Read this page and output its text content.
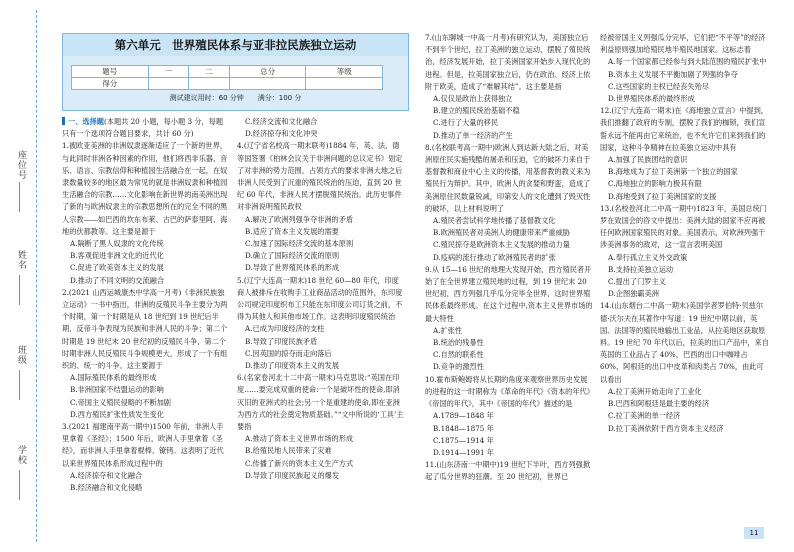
座位号
姓名
班级
学校
第六单元　世界殖民体系与亚非拉民族独立运动
题号	一	二	总分	等级
得分				
测试建议用时：60 分钟　　满分：100 分

一、选择题(本题共 20 小题，每小题 3 分，每题只有一个选项符合题目要求，共计 60 分)

1.被欧亚美洲的非洲奴隶逐渐适应了一个新的世界，与此同时非洲各种因素的作用，他们将西非乐器、音乐、语言、宗教信仰和种植园生活融合在一起，在奴隶数量较多的地区最为常见的就是非洲奴隶和种植园生活融合的宗教……文化影响在新世界的南美洲出现了新的与欧洲奴隶主的宗教思想所在的完全不同的黑人宗教——如巴西的坎东布莱、古巴的萨泰里阿、海地的伏都教等。这主要是源于

A.隔断了黑人奴隶的文化传统

B.客观促进非洲文化的近代化

C.促进了欧美资本主义的发展

D.推动了不同文明的交流融合

2.(2021 山西运城康杰中学高一月考)《非洲民族独立运动》一书中指出，非洲的反殖民斗争主要分为两个时期，第一个时期是从 18 世纪到 19 世纪后半期，反帝斗争表现为民族和非洲人民的斗争；第二个时期是 19 世纪末 20 世纪初的反殖民斗争，第二个时期非洲人民反殖民斗争规模更大，形成了一个有组织的、统一的斗争。这主要源于

A.国际殖民体系的最终形成

B.非洲国家不结盟运动的影响

C.帝国主义殖民侵略的不断加剧

D.西方殖民扩张性质发生变化

3.(2021 福建南平高一期中)1500 年前，非洲人手里拿着《圣经》；1500 年后，欧洲人手里拿着《圣经》，而非洲人手里拿着棍棒、镣铐。这表明了近代以来世界殖民体系形成过程中的

A.经济掠夺和文化融合

B.经济融合和文化侵略

C.经济交流和文化融合

D.经济掠夺和文化冲突

4.(辽宁省名校高一期末联考)1884 年，英、法、德等国签署《柏林会议关于非洲问题的总议定书》划定了对非洲的势力范围，占领方式的要求非洲大地之后非洲人民受到了沉重的殖民统治的压迫，直到 20 世纪 60 年代，非洲人民才摆脱殖民统治。此历史事件对非洲说明殖民政权

A.解决了欧洲列强争夺非洲的矛盾

B.适应了资本主义发展的需要

C.加速了国际经济交流的基本原则

D.确立了国际经济交流的原则

D.导致了世界殖民体系的形成

5.(辽宁大连高一期末)18 世纪 60—80 年代，印度商人被排斥在收购手工业商品活动的范围外，东印度公司规定印度织布工只能在东印度公司订货之前，不得为其他人和其他市场工作。这表明印度殖民统治

A.已成为印度经济的支柱

B.导致了印度民族矛盾

C.因英国的掠夺而走向落后

D.推动了印度资本主义的发展

6.(名家卷河北十二中高一期末)马克思说:“英国在印度……要完成双重的使命:一个是破坏性的使命,即消灭旧的亚洲式的社会;另一个是重建的使命,即在亚洲为西方式的社会奠定物质基础。”“文中所说的‘工具’主要指

A.推动了资本主义世界市场的形成

B.给殖民地人民带来了灾难

C.传播了新兴的资本主义生产方式

D.导致了印度民族起义的爆发

7.(山东聊城一中高一月考)有研究认为，美国独立后不到半个世纪，拉丁美洲的独立运动，摆脱了殖民统治，经济发展开始，拉丁美洲国家开始步入现代化的进程。但是，拉美国家独立后，仍在政治、经济上依附于欧美，造成了“难解其结”。这主要是指

A.仅仅是政治上获得独立

B.建立的殖民统治基础不稳

C.进行了大量的移民

D.推动了单一经济的产生

8.(名校联考高一期中)欧洲人到达新大陆之后，对美洲原住民实施残酷的屠杀和压迫，它的破坏力来自于基督教和商业中心主义的传播，用基督教的教义来为殖民行为辩护。其中，欧洲人的贪婪和野蛮，造成了美洲原住民数量锐减，印第安人的文化遭到了毁灭性的破坏，以上材料说明了

A.殖民者尝试科学地传播了基督教文化

B.欧洲殖民者对美洲人的健康带来严重威胁

C.殖民掠夺是欧洲资本主义发展的推动力量

D.疫病的流行推动了欧洲殖民者的扩张

9.从 15—16 世纪的地理大发现开始，西方殖民者开始了在全世界建立殖民地的过程，到 19 世纪末 20 世纪初，西方列强几乎瓜分完毕全世界，这时世界殖民体系最终形成。在这个过程中,资本主义世界市场的最大特性

A.扩张性

B.统治的残暴性

C.自然的联系性

D.竞争的激烈性

10.霍布斯鲍姆将从长期的角度来观察世界历史发展的进程的这一时期称为《革命的年代》《资本的年代》《帝国的年代》，其中《帝国的年代》描述的是

A.1789—1848 年

B.1848—1875 年

C.1875—1914 年

D.1914—1991 年

11.(山东济南一中期中)19 世纪下半叶，西方列强掀起了瓜分世界的狂潮。至 20 世纪初，世界已

经被帝国主义列强瓜分完毕，它们把“不平等”的经济利益原则强加给殖民地半殖民地国家。这标志着

A.每一个国家都已经参与到大陆范围的殖民扩张中

B.资本主义发展不平衡加剧了列强的争夺

C.这些国家的主权已经丧失殆尽

D.世界殖民体系的最终形成

12.(辽宁大连高一期末)在《海地独立宣言》中提到，我们推翻了政府的专制，摆脱了我们的枷锁，我们宣誓永远不能再由它来统治，也不允许它们来到我们的国家，这种斗争精神在拉美独立运动中具有

A.加强了民族团结的意识

B.海地成为了拉丁美洲第一个独立的国家

C.海地独立的影响力极其有限

D.海地受到了拉丁美洲国家的支援

13.(名校卷河北二中高一期中)1823 年，美国总统门罗在致国会的咨文中提出：美洲大陆的国家不应再被任何欧洲国家殖民的对象。美国表示，对欧洲列强干涉美洲事务的敌对，这一宣言表明美国

A.奉行孤立主义外交政策

B.支持拉美独立运动

C.提出了门罗主义

D.企图独霸美洲

14.(山东烟台二中高一期末)美国学者罗伯特·贝兹尔德·沃尔夫在其著作中写道：19 世纪中期以前，英国、法国等的殖民地输出工业品，从拉美地区获取原料。19 世纪 70 年代以后，拉美的出口产品中，来自英国的工业品占了 40%，巴西的出口中咖啡占 60%，阿根廷的出口中皮革和肉类占 70%，由此可以看出

A.拉丁美洲开始走向了工业化

B.巴西和阿根廷是最主要的经济

C.拉丁美洲的单一经济

D.拉丁美洲依附于西方资本主义经济

11
